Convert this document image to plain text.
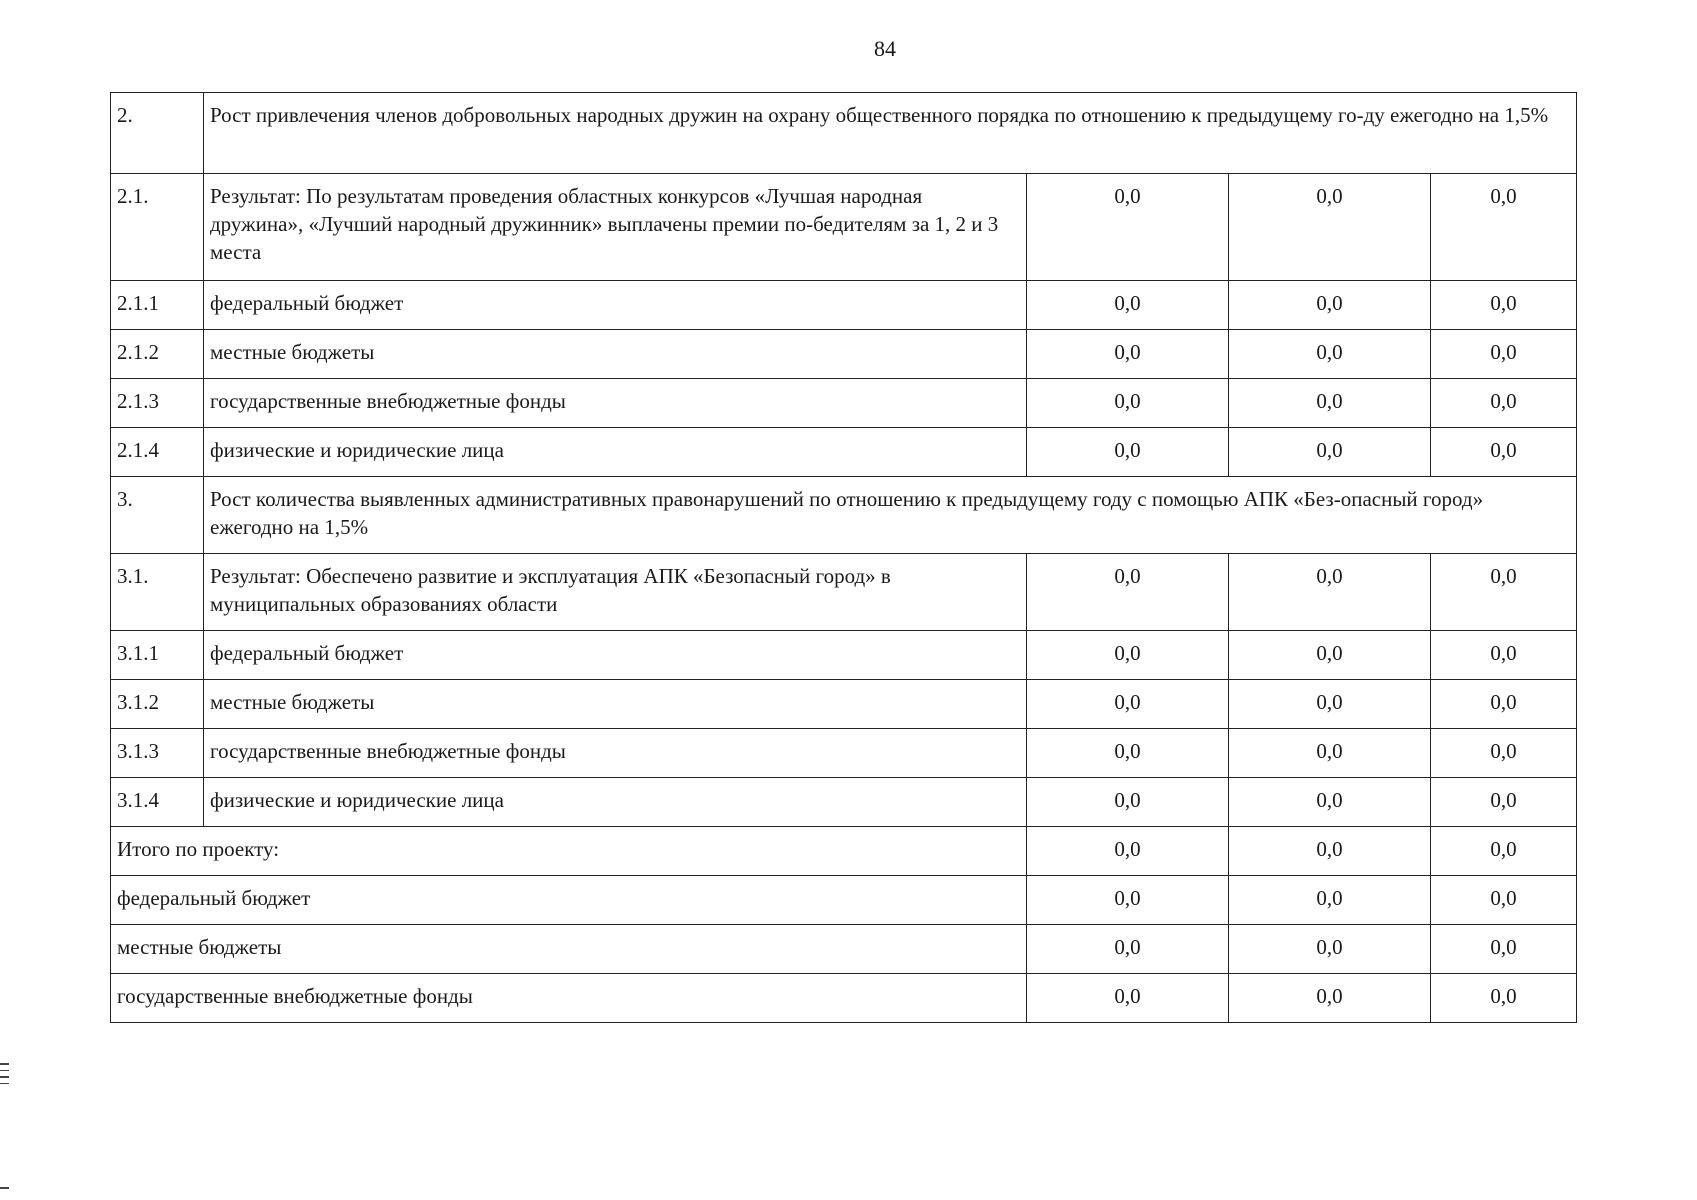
84
2.	Рост привлечения членов добровольных народных дружин на охрану общественного порядка по отношению к предыдущему го-ду ежегодно на 1,5%			
2.1.	Результат: По результатам проведения областных конкурсов «Лучшая народная дружина», «Лучший народный дружинник» выплачены премии по-бедителям за 1, 2 и 3 места	0,0	0,0	0,0
2.1.1	федеральный бюджет	0,0	0,0	0,0
2.1.2	местные бюджеты	0,0	0,0	0,0
2.1.3	государственные внебюджетные фонды	0,0	0,0	0,0
2.1.4	физические и юридические лица	0,0	0,0	0,0
3.	Рост количества выявленных административных правонарушений по отношению к предыдущему году с помощью АПК «Без-опасный город» ежегодно на 1,5%			
3.1.	Результат: Обеспечено развитие и эксплуатация АПК «Безопасный город» в муниципальных образованиях области	0,0	0,0	0,0
3.1.1	федеральный бюджет	0,0	0,0	0,0
3.1.2	местные бюджеты	0,0	0,0	0,0
3.1.3	государственные внебюджетные фонды	0,0	0,0	0,0
3.1.4	физические и юридические лица	0,0	0,0	0,0
Итого по проекту:		0,0	0,0	0,0
федеральный бюджет		0,0	0,0	0,0
местные бюджеты		0,0	0,0	0,0
государственные внебюджетные фонды		0,0	0,0	0,0
